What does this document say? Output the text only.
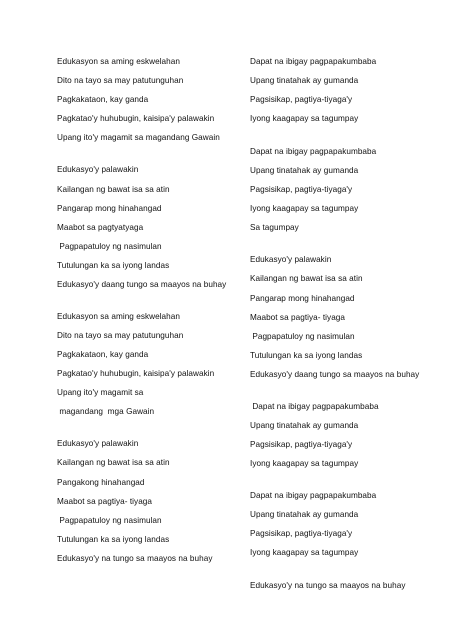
Edukasyon sa aming eskwelahan
Dito na tayo sa may patutunguhan
Pagkakataon, kay ganda
Pagkatao'y huhubugin, kaisipa'y palawakin
Upang ito'y magamit sa magandang Gawain
Edukasyo'y palawakin
Kailangan ng bawat isa sa atin
Pangarap mong hinahangad
Maabot sa pagtyatyaga
Pagpapatuloy ng nasimulan
Tutulungan ka sa iyong landas
Edukasyo'y daang tungo sa maayos na buhay
Edukasyon sa aming eskwelahan
Dito na tayo sa may patutunguhan
Pagkakataon, kay ganda
Pagkatao'y huhubugin, kaisipa'y palawakin
Upang ito'y magamit sa
magandang  mga Gawain
Edukasyo'y palawakin
Kailangan ng bawat isa sa atin
Pangakong hinahangad
Maabot sa pagtiya- tiyaga
Pagpapatuloy ng nasimulan
Tutulungan ka sa iyong landas
Edukasyo'y na tungo sa maayos na buhay
Dapat na ibigay pagpapakumbaba
Upang tinatahak ay gumanda
Pagsisikap, pagtiya-tiyaga'y
Iyong kaagapay sa tagumpay
Dapat na ibigay pagpapakumbaba
Upang tinatahak ay gumanda
Pagsisikap, pagtiya-tiyaga'y
Iyong kaagapay sa tagumpay
Sa tagumpay
Edukasyo'y palawakin
Kailangan ng bawat isa sa atin
Pangarap mong hinahangad
Maabot sa pagtiya- tiyaga
Pagpapatuloy ng nasimulan
Tutulungan ka sa iyong landas
Edukasyo'y daang tungo sa maayos na buhay
Dapat na ibigay pagpapakumbaba
Upang tinatahak ay gumanda
Pagsisikap, pagtiya-tiyaga'y
Iyong kaagapay sa tagumpay
Dapat na ibigay pagpapakumbaba
Upang tinatahak ay gumanda
Pagsisikap, pagtiya-tiyaga'y
Iyong kaagapay sa tagumpay
Edukasyo'y na tungo sa maayos na buhay
